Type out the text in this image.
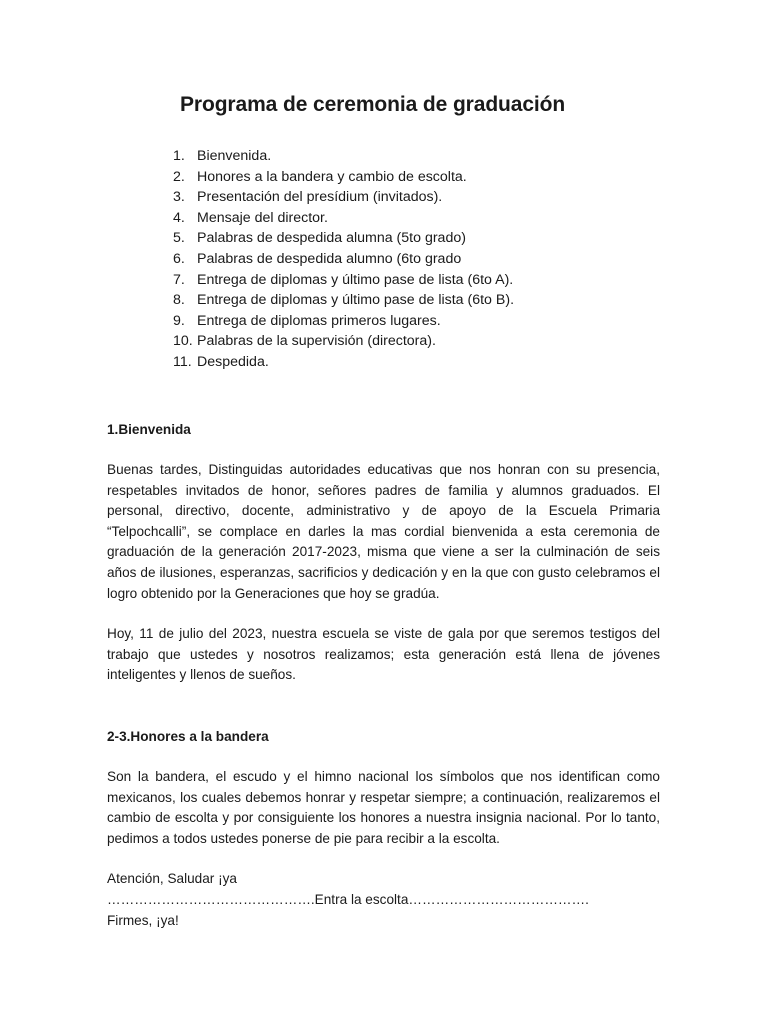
Programa de ceremonia de graduación
1. Bienvenida.
2. Honores a la bandera y cambio de escolta.
3. Presentación del presídium (invitados).
4. Mensaje del director.
5. Palabras de despedida alumna (5to grado)
6. Palabras de despedida alumno (6to grado
7. Entrega de diplomas y último pase de lista (6to A).
8. Entrega de diplomas y último pase de lista (6to B).
9. Entrega de diplomas primeros lugares.
10. Palabras de la supervisión (directora).
11. Despedida.

1.Bienvenida

Buenas tardes, Distinguidas autoridades educativas que nos honran con su presencia, respetables invitados de honor, señores padres de familia y alumnos graduados. El personal, directivo, docente, administrativo y de apoyo de la Escuela Primaria “Telpochcalli”, se complace en darles la mas cordial bienvenida a esta ceremonia de graduación de la generación 2017-2023, misma que viene a ser la culminación de seis años de ilusiones, esperanzas, sacrificios y dedicación y en la que con gusto celebramos el logro obtenido por la Generaciones que hoy se gradúa.

Hoy, 11 de julio del 2023, nuestra escuela se viste de gala por que seremos testigos del trabajo que ustedes y nosotros realizamos; esta generación está llena de jóvenes inteligentes y llenos de sueños.

2-3.Honores a la bandera

Son la bandera, el escudo y el himno nacional los símbolos que nos identifican como mexicanos, los cuales debemos honrar y respetar siempre; a continuación, realizaremos el cambio de escolta y por consiguiente los honores a nuestra insignia nacional. Por lo tanto, pedimos a todos ustedes ponerse de pie para recibir a la escolta.

Atención, Saludar ¡ya

……………………………………….Entra la escolta………………………………….

Firmes, ¡ya!
